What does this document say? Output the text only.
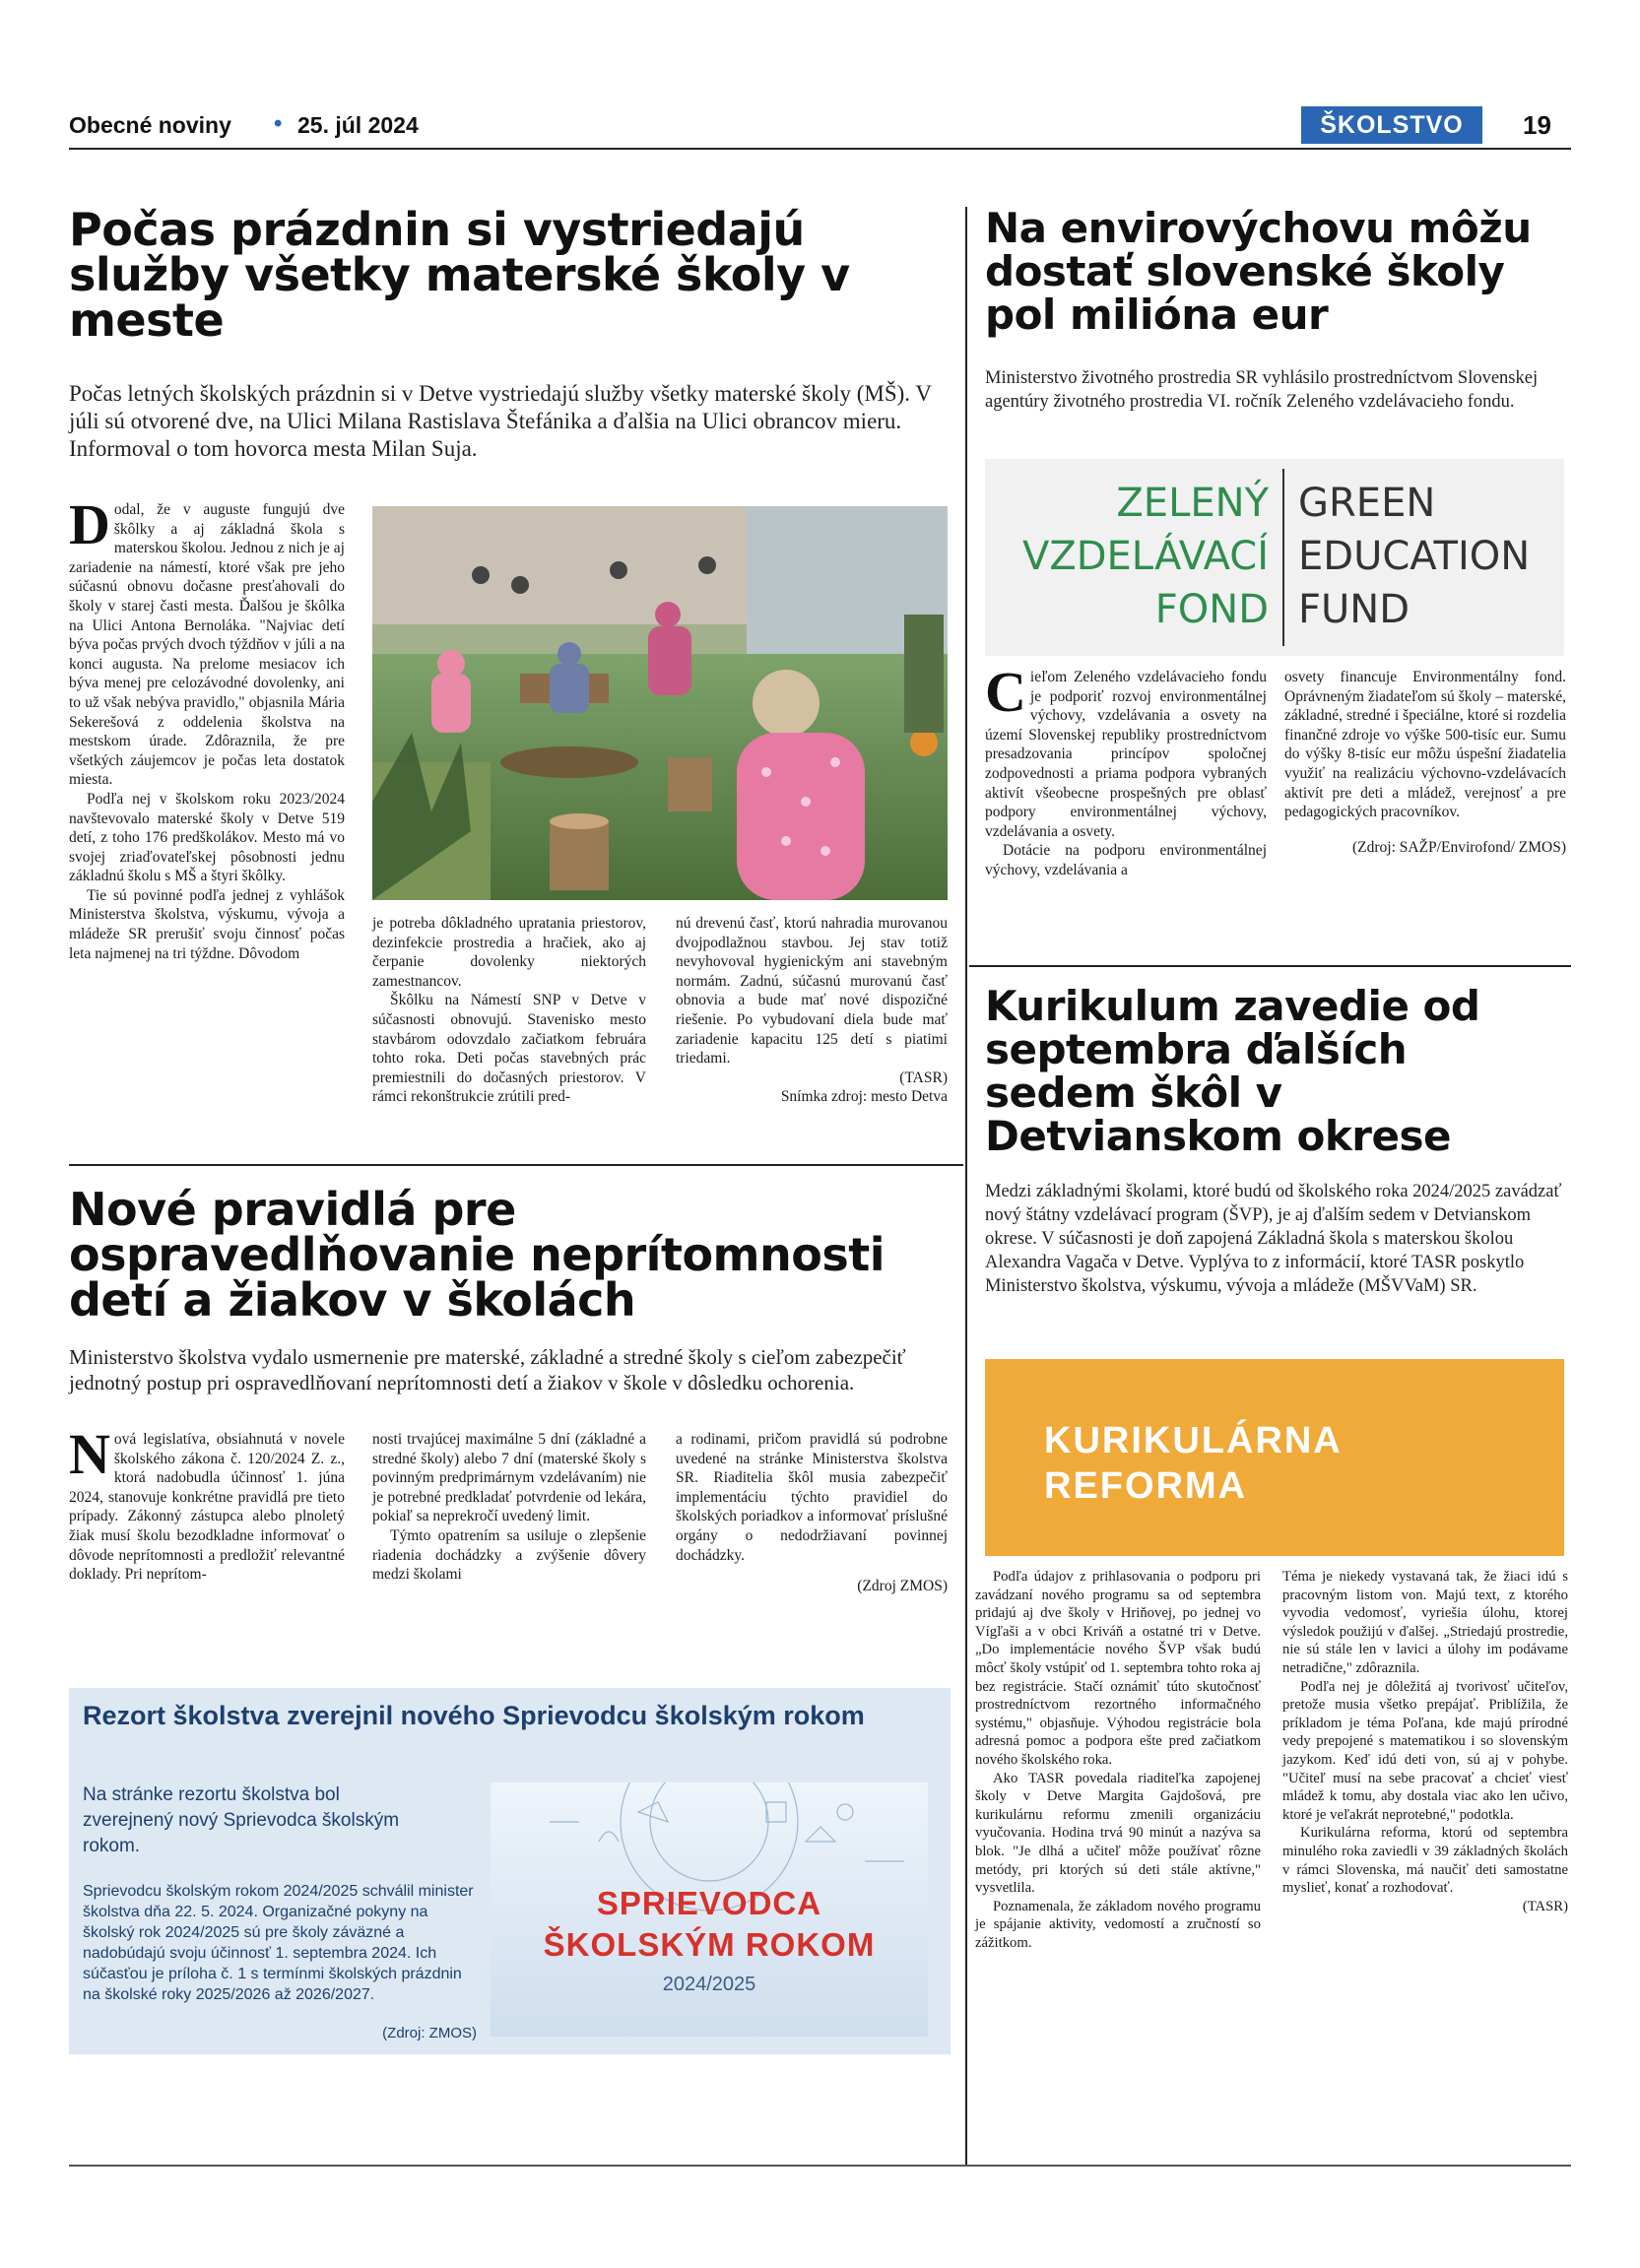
Obecné noviny • 25. júl 2024	ŠKOLSTVO	19
Počas prázdnin si vystriedajú služby všetky materské školy v meste
Počas letných školských prázdnin si v Detve vystriedajú služby všetky materské školy (MŠ). V júli sú otvorené dve, na Ulici Milana Rastislava Štefánika a ďalšia na Ulici obrancov mieru. Informoval o tom hovorca mesta Milan Suja.

Dodal, že v auguste fungujú dve škôlky a aj základná škola s materskou školou. Jednou z nich je aj zariadenie na námestí, ktoré však pre jeho súčasnú obnovu dočasne presťahovali do školy v starej časti mesta. Ďalšou je škôlka na Ulici Antona Bernoláka. "Najviac detí býva počas prvých dvoch týždňov v júli a na konci augusta. Na prelome mesiacov ich býva menej pre celozávodné dovolenky, ani to už však nebýva pravidlo," objasnila Mária Sekerešová z oddelenia školstva na mestskom úrade. Zdôraznila, že pre všetkých záujemcov je počas leta dostatok miesta.

Podľa nej v školskom roku 2023/2024 navštevovalo materské školy v Detve 519 detí, z toho 176 predškolákov. Mesto má vo svojej zriaďovateľskej pôsobnosti jednu základnú školu s MŠ a štyri škôlky.

Tie sú povinné podľa jednej z vyhlášok Ministerstva školstva, výskumu, vývoja a mládeže SR prerušiť svoju činnosť počas leta najmenej na tri týždne. Dôvodom

je potreba dôkladného upratania priestorov, dezinfekcie prostredia a hračiek, ako aj čerpanie dovolenky niektorých zamestnancov.

Škôlku na Námestí SNP v Detve v súčasnosti obnovujú. Stavenisko mesto stavbárom odovzdalo začiatkom februára tohto roka. Deti počas stavebných prác premiestnili do dočasných priestorov. V rámci rekonštrukcie zrútili pred-

nú drevenú časť, ktorú nahradia murovanou dvojpodlažnou stavbou. Jej stav totiž nevyhovoval hygienickým ani stavebným normám. Zadnú, súčasnú murovanú časť obnovia a bude mať nové dispozičné riešenie. Po vybudovaní diela bude mať zariadenie kapacitu 125 detí s piatimi triedami.

(TASR)
Snímka zdroj: mesto Detva
Nové pravidlá pre ospravedlňovanie neprítomnosti detí a žiakov v školách
Ministerstvo školstva vydalo usmernenie pre materské, základné a stredné školy s cieľom zabezpečiť jednotný postup pri ospravedlňovaní neprítomnosti detí a žiakov v škole v dôsledku ochorenia.

Nová legislatíva, obsiahnutá v novele školského zákona č. 120/2024 Z. z., ktorá nadobudla účinnosť 1. júna 2024, stanovuje konkrétne pravidlá pre tieto prípady. Zákonný zástupca alebo plnoletý žiak musí školu bezodkladne informovať o dôvode neprítomnosti a predložiť relevantné doklady. Pri neprítom-

nosti trvajúcej maximálne 5 dní (základné a stredné školy) alebo 7 dní (materské školy s povinným predprimárnym vzdelávaním) nie je potrebné predkladať potvrdenie od lekára, pokiaľ sa neprekročí uvedený limit.

Týmto opatrením sa usiluje o zlepšenie riadenia dochádzky a zvýšenie dôvery medzi školami

a rodinami, pričom pravidlá sú podrobne uvedené na stránke Ministerstva školstva SR. Riaditelia škôl musia zabezpečiť implementáciu týchto pravidiel do školských poriadkov a informovať príslušné orgány o nedodržiavaní povinnej dochádzky.

(Zdroj ZMOS)
Rezort školstva zverejnil nového Sprievodcu školským rokom
Na stránke rezortu školstva bol zverejnený nový Sprievodca školským rokom.
Sprievodcu školským rokom 2024/2025 schválil minister školstva dňa 22. 5. 2024. Organizačné pokyny na školský rok 2024/2025 sú pre školy záväzné a nadobúdajú svoju účinnosť 1. septembra 2024. Ich súčasťou je príloha č. 1 s termínmi školských prázdnin na školské roky 2025/2026 až 2026/2027.
(Zdroj: ZMOS)
SPRIEVODCA
ŠKOLSKÝM ROKOM
2024/2025
Na envirovýchovu môžu dostať slovenské školy pol milióna eur
Ministerstvo životného prostredia SR vyhlásilo prostredníctvom Slovenskej agentúry životného prostredia VI. ročník Zeleného vzdelávacieho fondu.
ZELENÝ
VZDELÁVACÍ
FOND
GREEN
EDUCATION
FUND

Cieľom Zeleného vzdelávacieho fondu je podporiť rozvoj environmentálnej výchovy, vzdelávania a osvety na území Slovenskej republiky prostredníctvom presadzovania princípov spoločnej zodpovednosti a priama podpora vybraných aktivít všeobecne prospešných pre oblasť podpory environmentálnej výchovy, vzdelávania a osvety.

Dotácie na podporu environmentálnej výchovy, vzdelávania a

osvety financuje Environmentálny fond. Oprávneným žiadateľom sú školy – materské, základné, stredné i špeciálne, ktoré si rozdelia finančné zdroje vo výške 500-tisíc eur. Sumu do výšky 8-tisíc eur môžu úspešní žiadatelia využiť na realizáciu výchovno-vzdelávacích aktivít pre deti a mládež, verejnosť a pre pedagogických pracovníkov.

(Zdroj: SAŽP/Envirofond/ ZMOS)
Kurikulum zavedie od septembra ďalších sedem škôl v Detvianskom okrese
Medzi základnými školami, ktoré budú od školského roka 2024/2025 zavádzať nový štátny vzdelávací program (ŠVP), je aj ďalším sedem v Detvianskom okrese. V súčasnosti je doň zapojená Základná škola s materskou školou Alexandra Vagača v Detve. Vyplýva to z informácií, ktoré TASR poskytlo Ministerstvo školstva, výskumu, vývoja a mládeže (MŠVVaM) SR.
KURIKULÁRNA
REFORMA

Podľa údajov z prihlasovania o podporu pri zavádzaní nového programu sa od septembra pridajú aj dve školy v Hriňovej, po jednej vo Vígľaši a v obci Kriváň a ostatné tri v Detve. „Do implementácie nového ŠVP však budú môcť školy vstúpiť od 1. septembra tohto roka aj bez registrácie. Stačí oznámiť túto skutočnosť prostredníctvom rezortného informačného systému," objasňuje. Výhodou registrácie bola adresná pomoc a podpora ešte pred začiatkom nového školského roka.

Ako TASR povedala riaditeľka zapojenej školy v Detve Margita Gajdošová, pre kurikulárnu reformu zmenili organizáciu vyučovania. Hodina trvá 90 minút a nazýva sa blok. "Je dlhá a učiteľ môže používať rôzne metódy, pri ktorých sú deti stále aktívne," vysvetlila.

Poznamenala, že základom nového programu je spájanie aktivity, vedomostí a zručností so zážitkom.

Téma je niekedy vystavaná tak, že žiaci idú s pracovným listom von. Majú text, z ktorého vyvodia vedomosť, vyriešia úlohu, ktorej výsledok použijú v ďalšej. „Striedajú prostredie, nie sú stále len v lavici a úlohy im podávame netradične," zdôraznila.

Podľa nej je dôležitá aj tvorivosť učiteľov, pretože musia všetko prepájať. Priblížila, že príkladom je téma Poľana, kde majú prírodné vedy prepojené s matematikou i so slovenským jazykom. Keď idú deti von, sú aj v pohybe. "Učiteľ musí na sebe pracovať a chcieť viesť mládež k tomu, aby dostala viac ako len učivo, ktoré je veľakrát neprotebné," podotkla.

Kurikulárna reforma, ktorú od septembra minulého roka zaviedli v 39 základných školách v rámci Slovenska, má naučiť deti samostatne myslieť, konať a rozhodovať.

(TASR)
